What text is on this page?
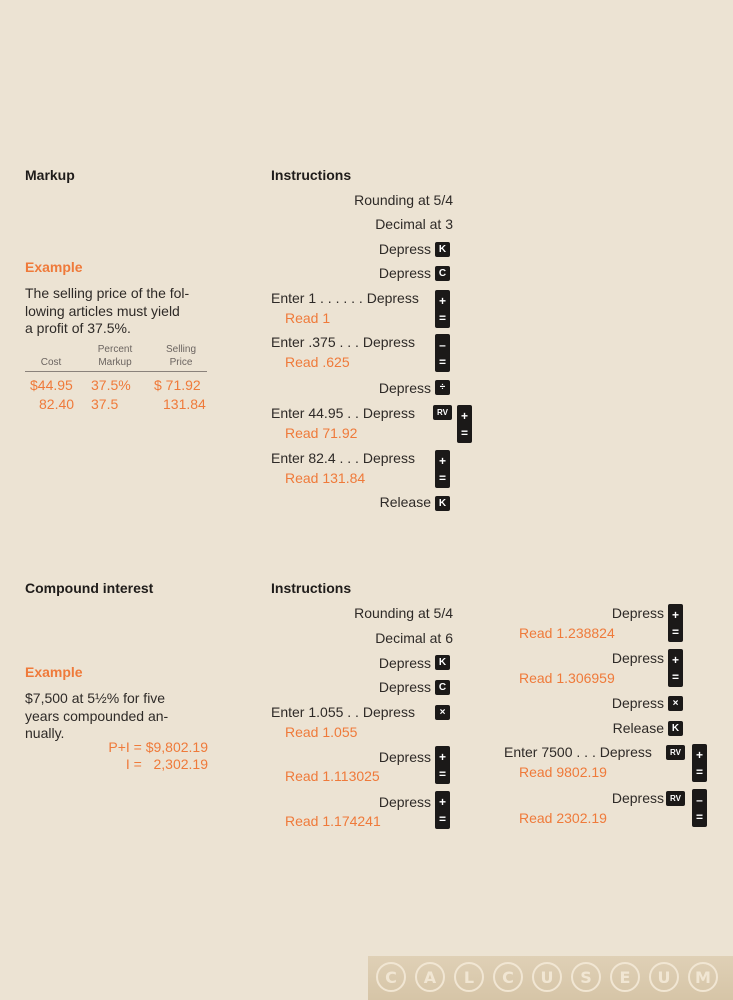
Markup
Example
The selling price of the fol-
lowing articles must yield
a profit of 37.5%.
Cost
Percent
Markup
Selling
Price
$44.95 37.5% $ 71.92
82.40 37.5	131.84
Instructions
Rounding at 5/4
Decimal at 3
Depress K
Depress C
Enter 1 . . . . . . Depress +
=
Read 1
Enter .375 . . . Depress –
=
Read .625
Depress ÷
Enter 44.95 . . Depress	RV	+
=
Read 71.92
Enter 82.4 . . . Depress +
=
Read 131.84
Release K
Compound interest
Example
$7,500 at 5½% for five
years compounded an-
nually.
P+I = $9,802.19
I =   2,302.19
Instructions
Rounding at 5/4
Decimal at 6
Depress K
Depress C
Enter 1.055 . . Depress	×
Read 1.055
Depress +
=
Read 1.113025
Depress +
=
Read 1.174241
Depress +
=
Read 1.238824
Depress +
=
Read 1.306959
Depress ×
Release K
Enter 7500 . . . Depress	RV	+
=
Read 9802.19
Depress RV	–
=
Read 2302.19
C	A	L	C	U	S	E	U	M
